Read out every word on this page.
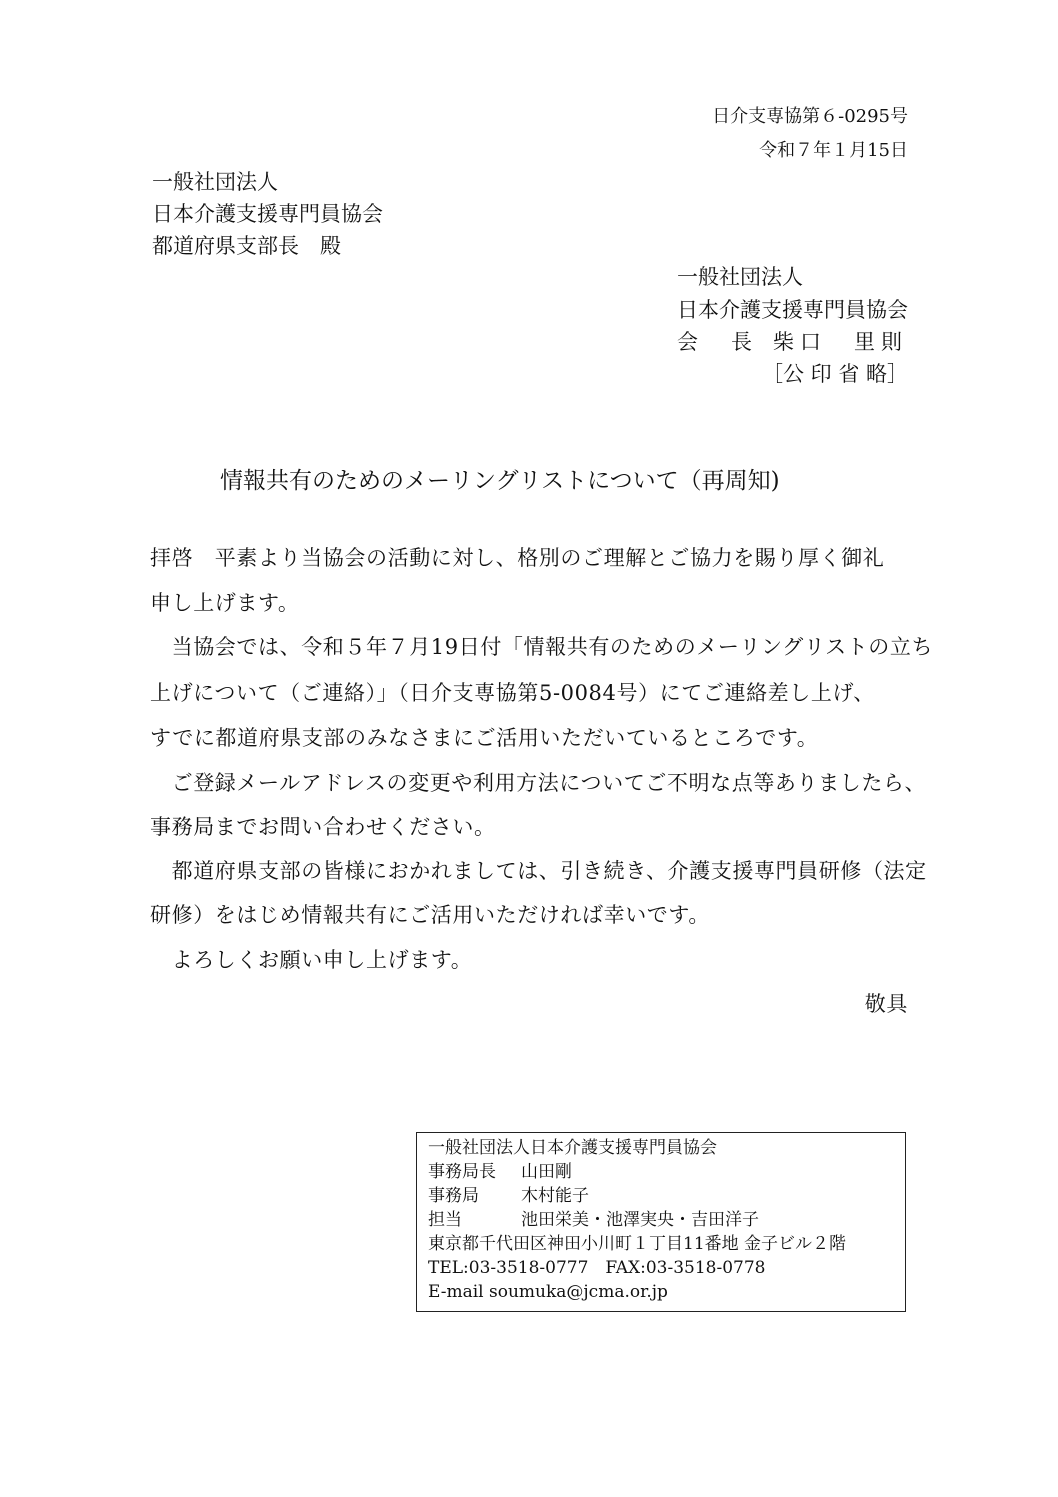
日介支専協第６-0295号
令和７年１月15日
一般社団法人
日本介護支援専門員協会
都道府県支部長　殿
一般社団法人
日本介護支援専門員協会
会　長 柴口　里則
［公 印 省 略］
情報共有のためのメーリングリストについて（再周知)
拝啓　平素より当協会の活動に対し、格別のご理解とご協力を賜り厚く御礼
申し上げます。
　当協会では、令和５年７月19日付「情報共有のためのメーリングリストの立ち
上げについて（ご連絡）」（日介支専協第5-0084号）にてご連絡差し上げ、
すでに都道府県支部のみなさまにご活用いただいているところです。
　ご登録メールアドレスの変更や利用方法についてご不明な点等ありましたら、
事務局までお問い合わせください。
　都道府県支部の皆様におかれましては、引き続き、介護支援専門員研修（法定
研修）をはじめ情報共有にご活用いただければ幸いです。
　よろしくお願い申し上げます。
敬具
一般社団法人日本介護支援専門員協会
事務局長 山田剛
事務局 木村能子
担当	池田栄美・池澤実央・吉田洋子
東京都千代田区神田小川町１丁目11番地 金子ビル２階
TEL:03-3518-0777　FAX:03-3518-0778
E-mail soumuka@jcma.or.jp
